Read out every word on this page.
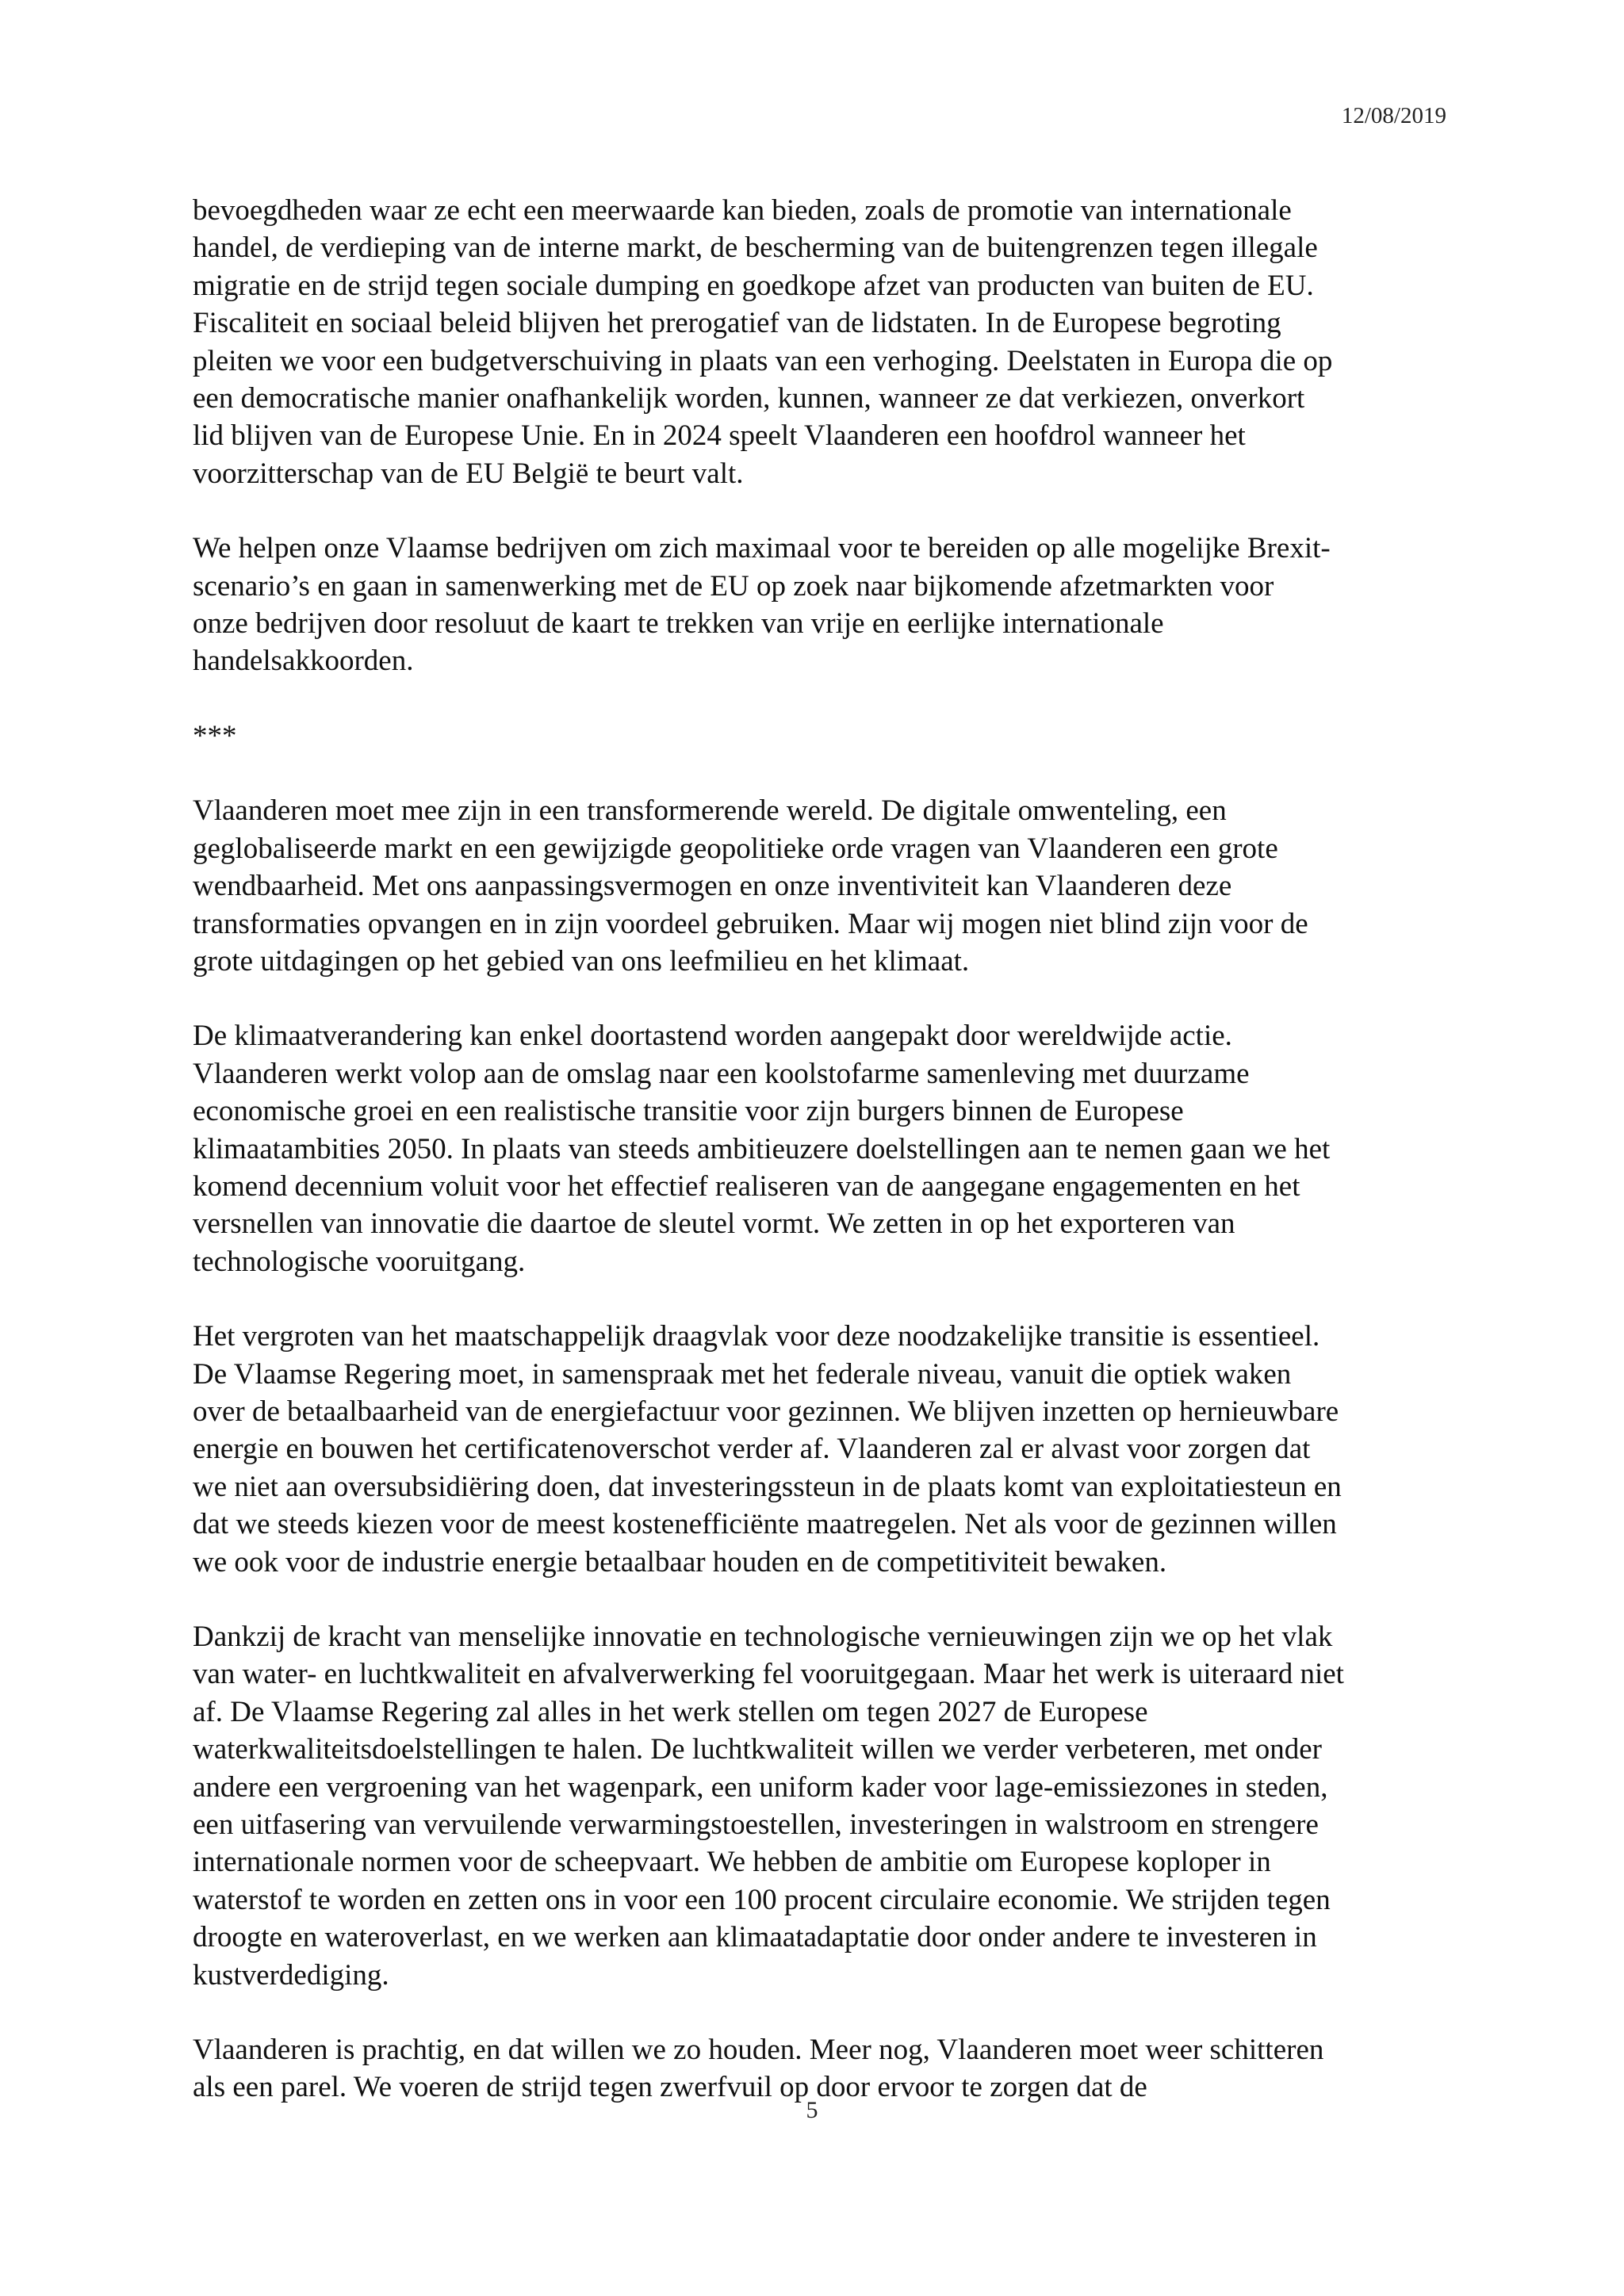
12/08/2019

bevoegdheden waar ze echt een meerwaarde kan bieden, zoals de promotie van internationale
handel, de verdieping van de interne markt, de bescherming van de buitengrenzen tegen illegale
migratie en de strijd tegen sociale dumping en goedkope afzet van producten van buiten de EU.
Fiscaliteit en sociaal beleid blijven het prerogatief van de lidstaten. In de Europese begroting
pleiten we voor een budgetverschuiving in plaats van een verhoging. Deelstaten in Europa die op
een democratische manier onafhankelijk worden, kunnen, wanneer ze dat verkiezen, onverkort
lid blijven van de Europese Unie. En in 2024 speelt Vlaanderen een hoofdrol wanneer het
voorzitterschap van de EU België te beurt valt.

We helpen onze Vlaamse bedrijven om zich maximaal voor te bereiden op alle mogelijke Brexit-
scenario’s en gaan in samenwerking met de EU op zoek naar bijkomende afzetmarkten voor
onze bedrijven door resoluut de kaart te trekken van vrije en eerlijke internationale
handelsakkoorden.

***

Vlaanderen moet mee zijn in een transformerende wereld. De digitale omwenteling, een
geglobaliseerde markt en een gewijzigde geopolitieke orde vragen van Vlaanderen een grote
wendbaarheid. Met ons aanpassingsvermogen en onze inventiviteit kan Vlaanderen deze
transformaties opvangen en in zijn voordeel gebruiken. Maar wij mogen niet blind zijn voor de
grote uitdagingen op het gebied van ons leefmilieu en het klimaat.

De klimaatverandering kan enkel doortastend worden aangepakt door wereldwijde actie.
Vlaanderen werkt volop aan de omslag naar een koolstofarme samenleving met duurzame
economische groei en een realistische transitie voor zijn burgers binnen de Europese
klimaatambities 2050. In plaats van steeds ambitieuzere doelstellingen aan te nemen gaan we het
komend decennium voluit voor het effectief realiseren van de aangegane engagementen en het
versnellen van innovatie die daartoe de sleutel vormt. We zetten in op het exporteren van
technologische vooruitgang.

Het vergroten van het maatschappelijk draagvlak voor deze noodzakelijke transitie is essentieel.
De Vlaamse Regering moet, in samenspraak met het federale niveau, vanuit die optiek waken
over de betaalbaarheid van de energiefactuur voor gezinnen. We blijven inzetten op hernieuwbare
energie en bouwen het certificatenoverschot verder af. Vlaanderen zal er alvast voor zorgen dat
we niet aan oversubsidiëring doen, dat investeringssteun in de plaats komt van exploitatiesteun en
dat we steeds kiezen voor de meest kostenefficiënte maatregelen. Net als voor de gezinnen willen
we ook voor de industrie energie betaalbaar houden en de competitiviteit bewaken.

Dankzij de kracht van menselijke innovatie en technologische vernieuwingen zijn we op het vlak
van water- en luchtkwaliteit en afvalverwerking fel vooruitgegaan. Maar het werk is uiteraard niet
af. De Vlaamse Regering zal alles in het werk stellen om tegen 2027 de Europese
waterkwaliteitsdoelstellingen te halen. De luchtkwaliteit willen we verder verbeteren, met onder
andere een vergroening van het wagenpark, een uniform kader voor lage-emissiezones in steden,
een uitfasering van vervuilende verwarmingstoestellen, investeringen in walstroom en strengere
internationale normen voor de scheepvaart. We hebben de ambitie om Europese koploper in
waterstof te worden en zetten ons in voor een 100 procent circulaire economie. We strijden tegen
droogte en wateroverlast, en we werken aan klimaatadaptatie door onder andere te investeren in
kustverdediging.

Vlaanderen is prachtig, en dat willen we zo houden. Meer nog, Vlaanderen moet weer schitteren
als een parel. We voeren de strijd tegen zwerfvuil op door ervoor te zorgen dat de

5
